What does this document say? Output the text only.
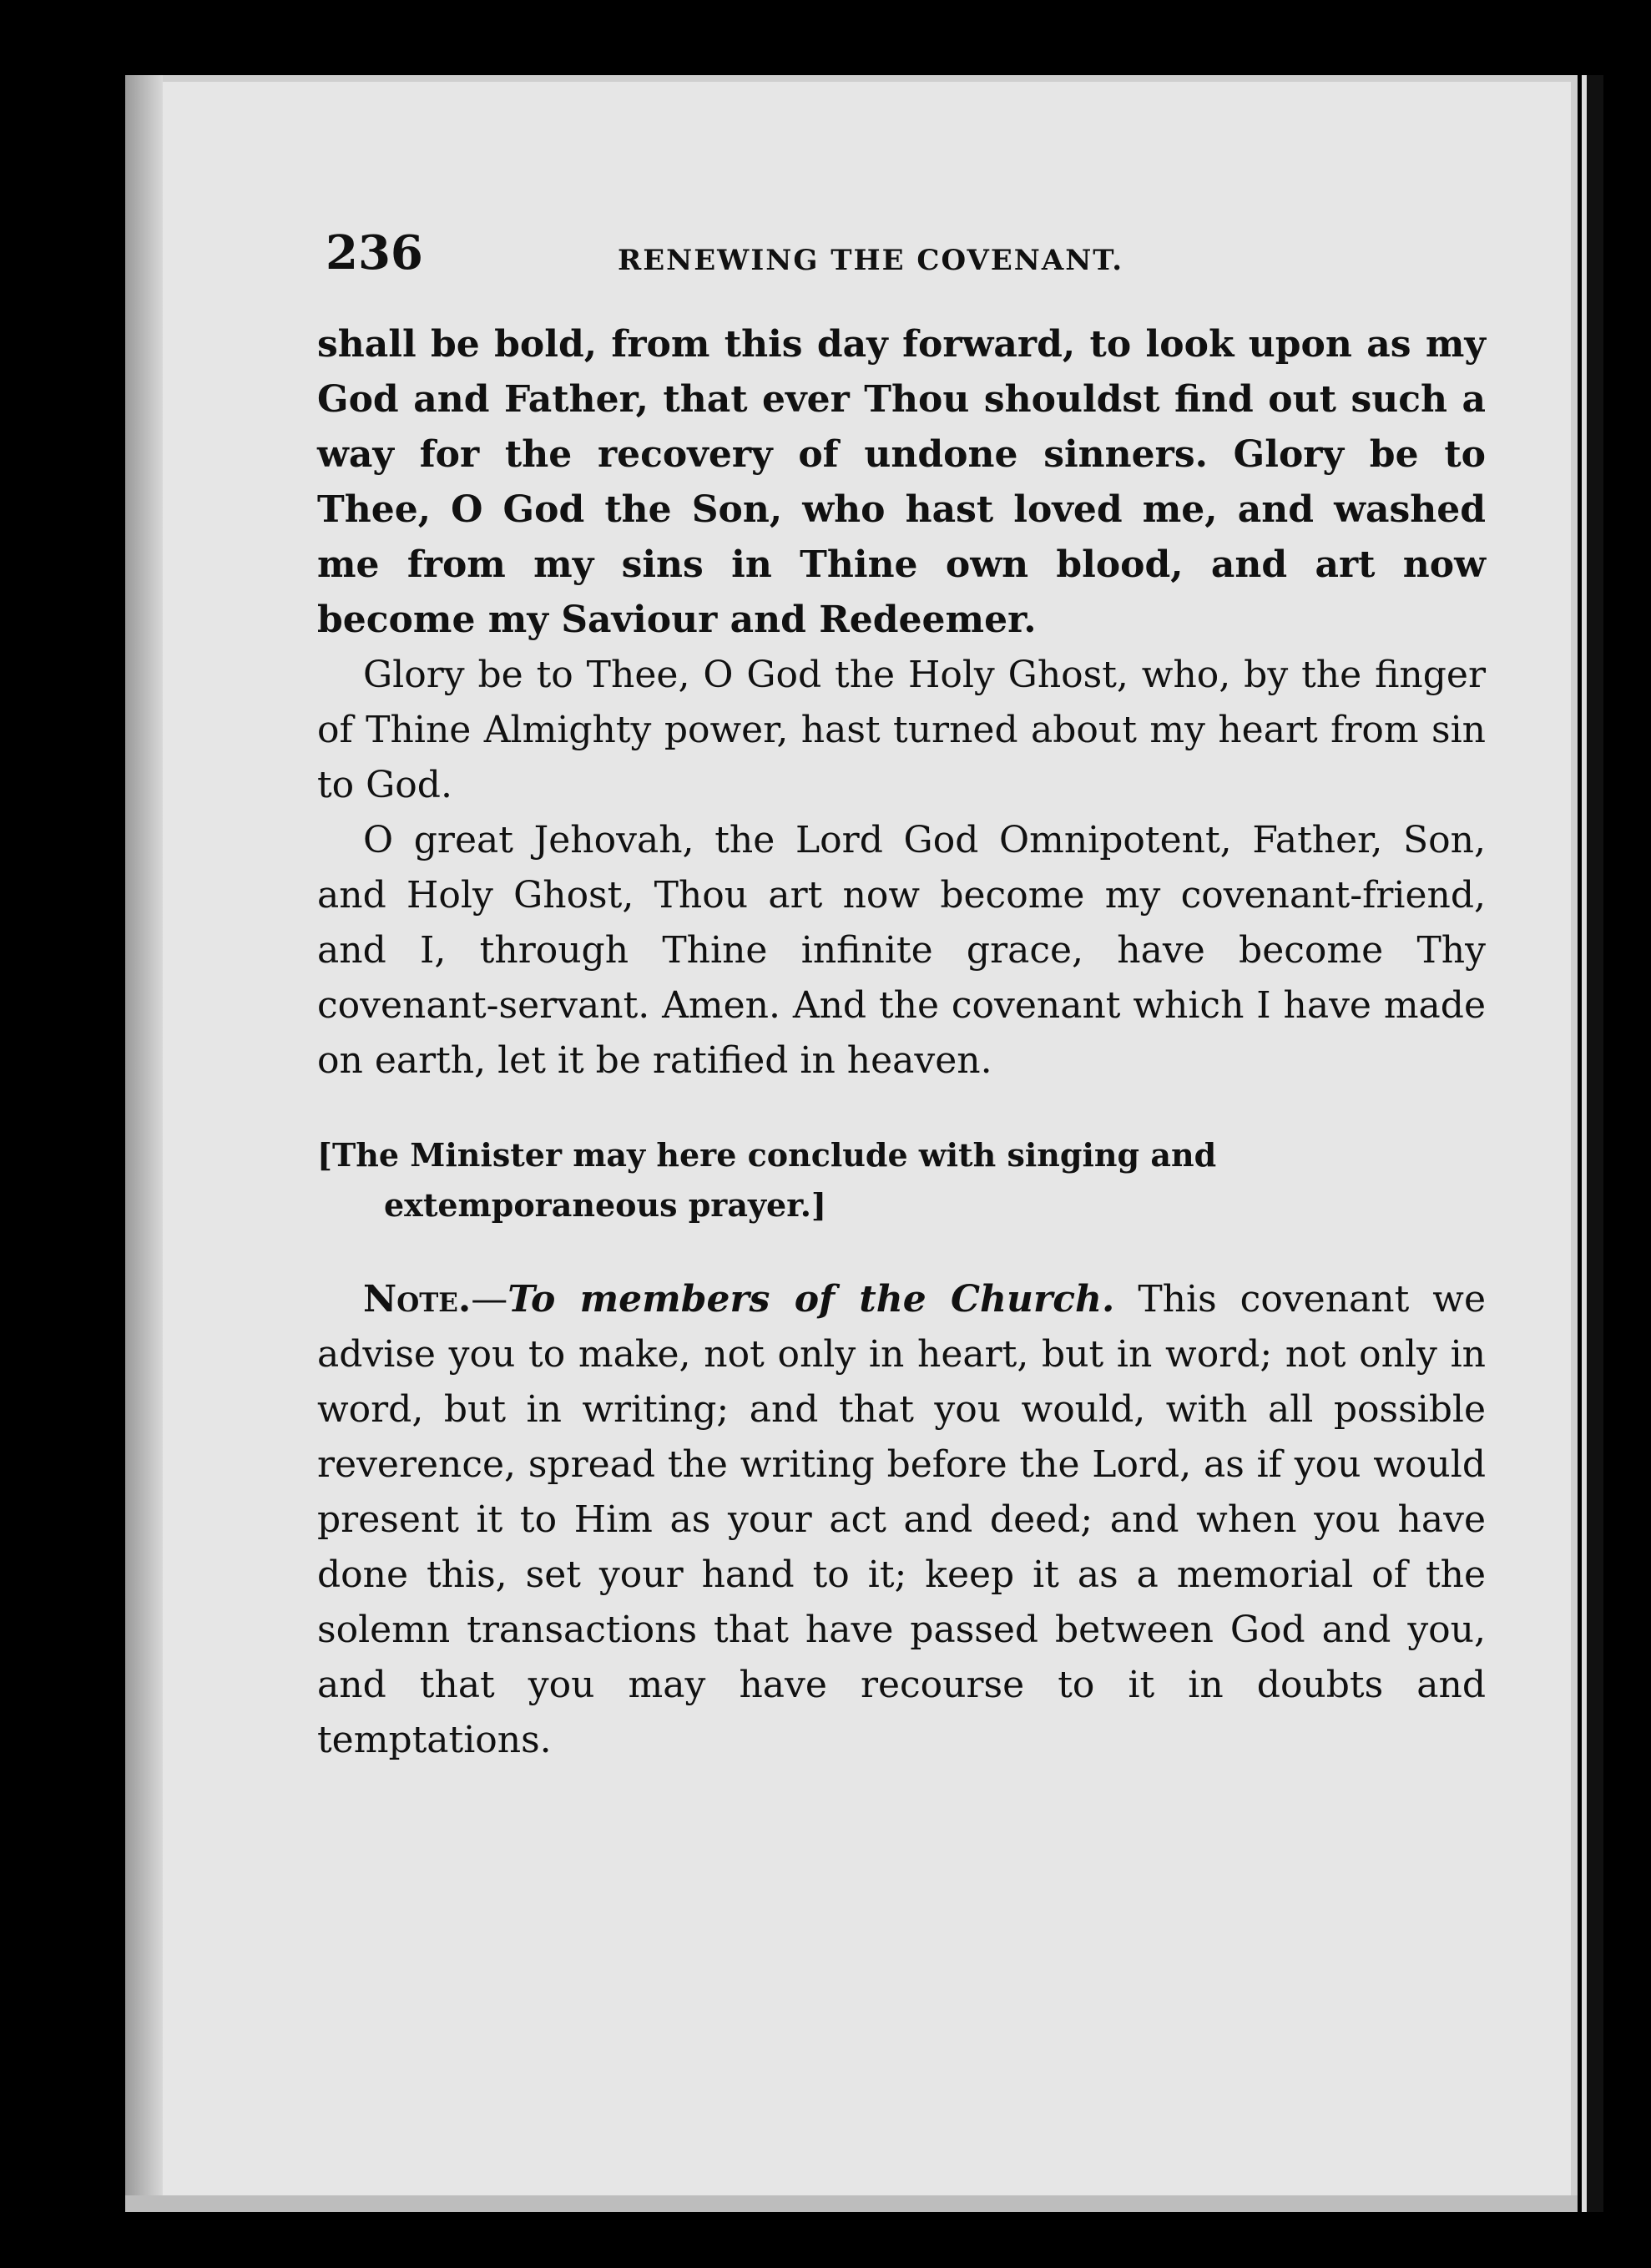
236	RENEWING THE COVENANT.

shall be bold, from this day forward, to look upon as my God and Father, that ever Thou shouldst find out such a way for the recovery of undone sinners. Glory be to Thee, O God the Son, who hast loved me, and washed me from my sins in Thine own blood, and art now become my Saviour and Redeemer.

Glory be to Thee, O God the Holy Ghost, who, by the finger of Thine Almighty power, hast turned about my heart from sin to God.

O great Jehovah, the Lord God Omnipotent, Father, Son, and Holy Ghost, Thou art now become my covenant-friend, and I, through Thine infinite grace, have become Thy covenant-servant. Amen. And the covenant which I have made on earth, let it be ratified in heaven.

[The Minister may here conclude with singing and extemporaneous prayer.]

Note.—To members of the Church. This covenant we advise you to make, not only in heart, but in word; not only in word, but in writing; and that you would, with all possible reverence, spread the writing before the Lord, as if you would present it to Him as your act and deed; and when you have done this, set your hand to it; keep it as a memorial of the solemn transactions that have passed between God and you, and that you may have recourse to it in doubts and temptations.
